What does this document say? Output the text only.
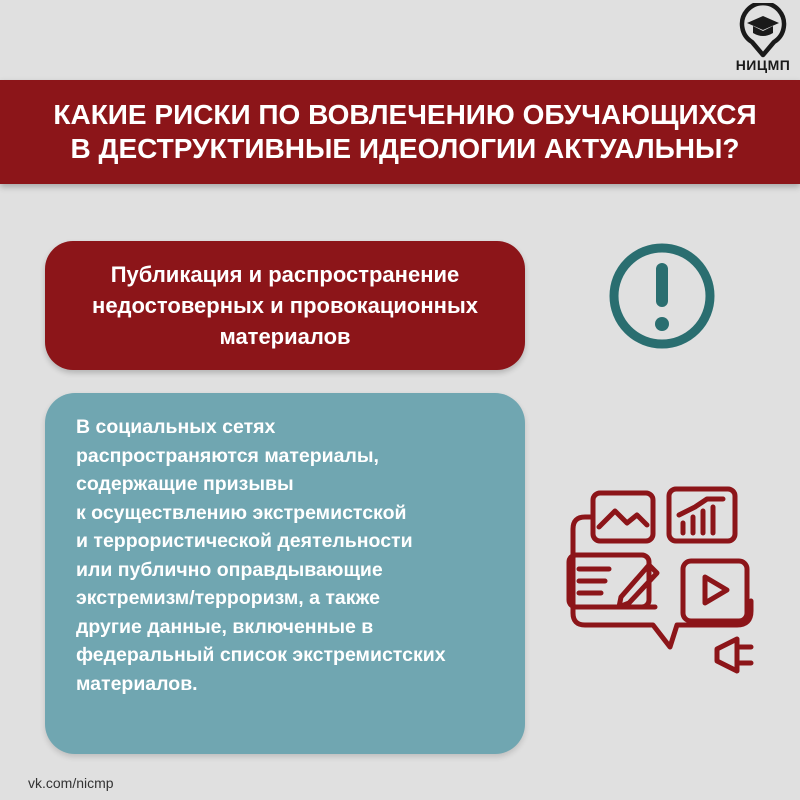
НИЦМП
КАКИЕ РИСКИ ПО ВОВЛЕЧЕНИЮ ОБУЧАЮЩИХСЯ
В ДЕСТРУКТИВНЫЕ ИДЕОЛОГИИ АКТУАЛЬНЫ?

Публикация и распространение
недостоверных и провокационных
материалов

В социальных сетях
распространяются материалы,
содержащие призывы
к осуществлению экстремистской
и террористической деятельности
или публично оправдывающие
экстремизм/терроризм, а также
другие данные, включенные в
федеральный список экстремистских
материалов.

vk.com/nicmp
